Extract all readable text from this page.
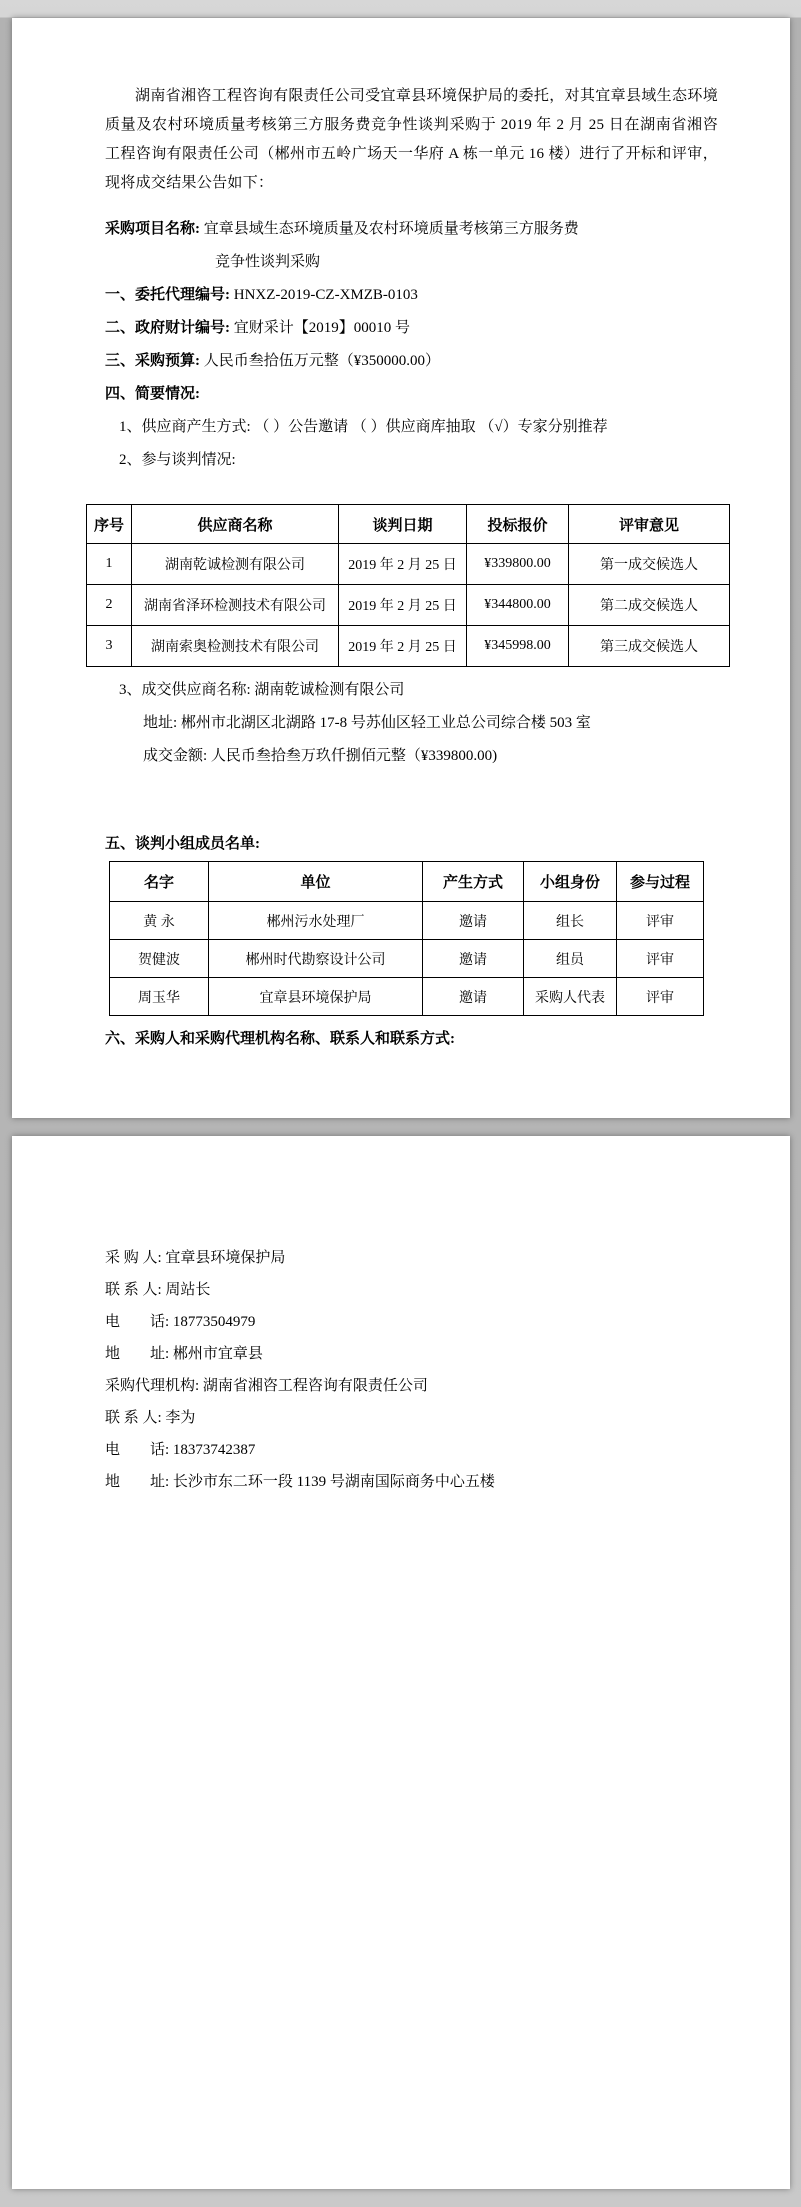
湖南省湘咨工程咨询有限责任公司受宜章县环境保护局的委托，对其宜章县域生态环境质量及农村环境质量考核第三方服务费竞争性谈判采购于 2019 年 2 月 25 日在湖南省湘咨工程咨询有限责任公司（郴州市五岭广场天一华府 A 栋一单元 16 楼）进行了开标和评审，现将成交结果公告如下：

采购项目名称: 宜章县域生态环境质量及农村环境质量考核第三方服务费
竞争性谈判采购
一、委托代理编号: HNXZ-2019-CZ-XMZB-0103
二、政府财计编号: 宜财采计【2019】00010 号
三、采购预算: 人民币叁拾伍万元整（¥350000.00）
四、简要情况:
1、供应商产生方式: （ ）公告邀请 （ ）供应商库抽取 （√）专家分别推荐
2、参与谈判情况:
序号	供应商名称	谈判日期	投标报价	评审意见
1	湖南乾诚检测有限公司	2019 年 2 月 25 日	¥339800.00	第一成交候选人
2	湖南省泽环检测技术有限公司	2019 年 2 月 25 日	¥344800.00	第二成交候选人
3	湖南索奥检测技术有限公司	2019 年 2 月 25 日	¥345998.00	第三成交候选人
3、成交供应商名称: 湖南乾诚检测有限公司
地址: 郴州市北湖区北湖路 17-8 号苏仙区轻工业总公司综合楼 503 室
成交金额: 人民币叁拾叁万玖仟捌佰元整（¥339800.00)
五、谈判小组成员名单:
名字	单位	产生方式	小组身份	参与过程
黄 永	郴州污水处理厂	邀请	组长	评审
贺健波	郴州时代勘察设计公司	邀请	组员	评审
周玉华	宜章县环境保护局	邀请	采购人代表	评审
六、采购人和采购代理机构名称、联系人和联系方式:
采 购 人: 宜章县环境保护局
联 系 人: 周站长
电　　话: 18773504979
地　　址: 郴州市宜章县
采购代理机构: 湖南省湘咨工程咨询有限责任公司
联 系 人: 李为
电　　话: 18373742387
地　　址: 长沙市东二环一段 1139 号湖南国际商务中心五楼
